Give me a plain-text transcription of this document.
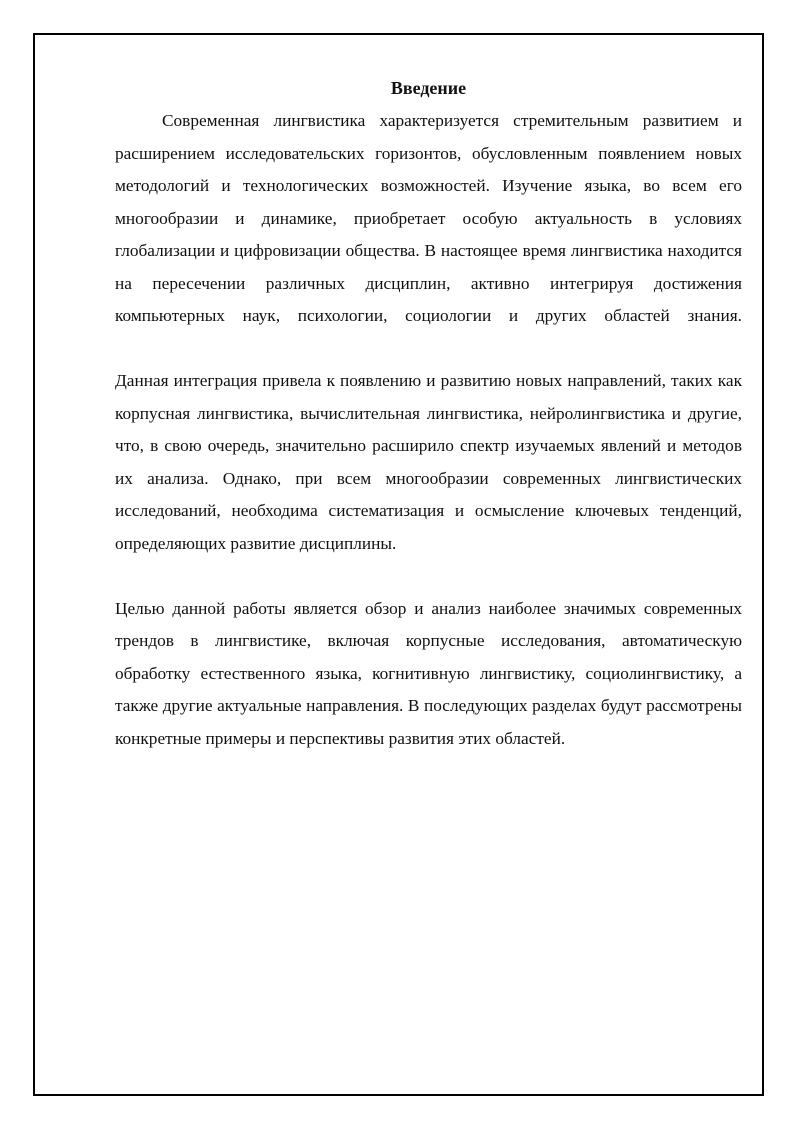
Введение

Современная лингвистика характеризуется стремительным развитием и расширением исследовательских горизонтов, обусловленным появлением новых методологий и технологических возможностей. Изучение языка, во всем его многообразии и динамике, приобретает особую актуальность в условиях глобализации и цифровизации общества. В настоящее время лингвистика находится на пересечении различных дисциплин, активно интегрируя достижения компьютерных наук, психологии, социологии и других областей знания.

Данная интеграция привела к появлению и развитию новых направлений, таких как корпусная лингвистика, вычислительная лингвистика, нейролингвистика и другие, что, в свою очередь, значительно расширило спектр изучаемых явлений и методов их анализа. Однако, при всем многообразии современных лингвистических исследований, необходима систематизация и осмысление ключевых тенденций, определяющих развитие дисциплины.

Целью данной работы является обзор и анализ наиболее значимых современных трендов в лингвистике, включая корпусные исследования, автоматическую обработку естественного языка, когнитивную лингвистику, социолингвистику, а также другие актуальные направления. В последующих разделах будут рассмотрены конкретные примеры и перспективы развития этих областей.
